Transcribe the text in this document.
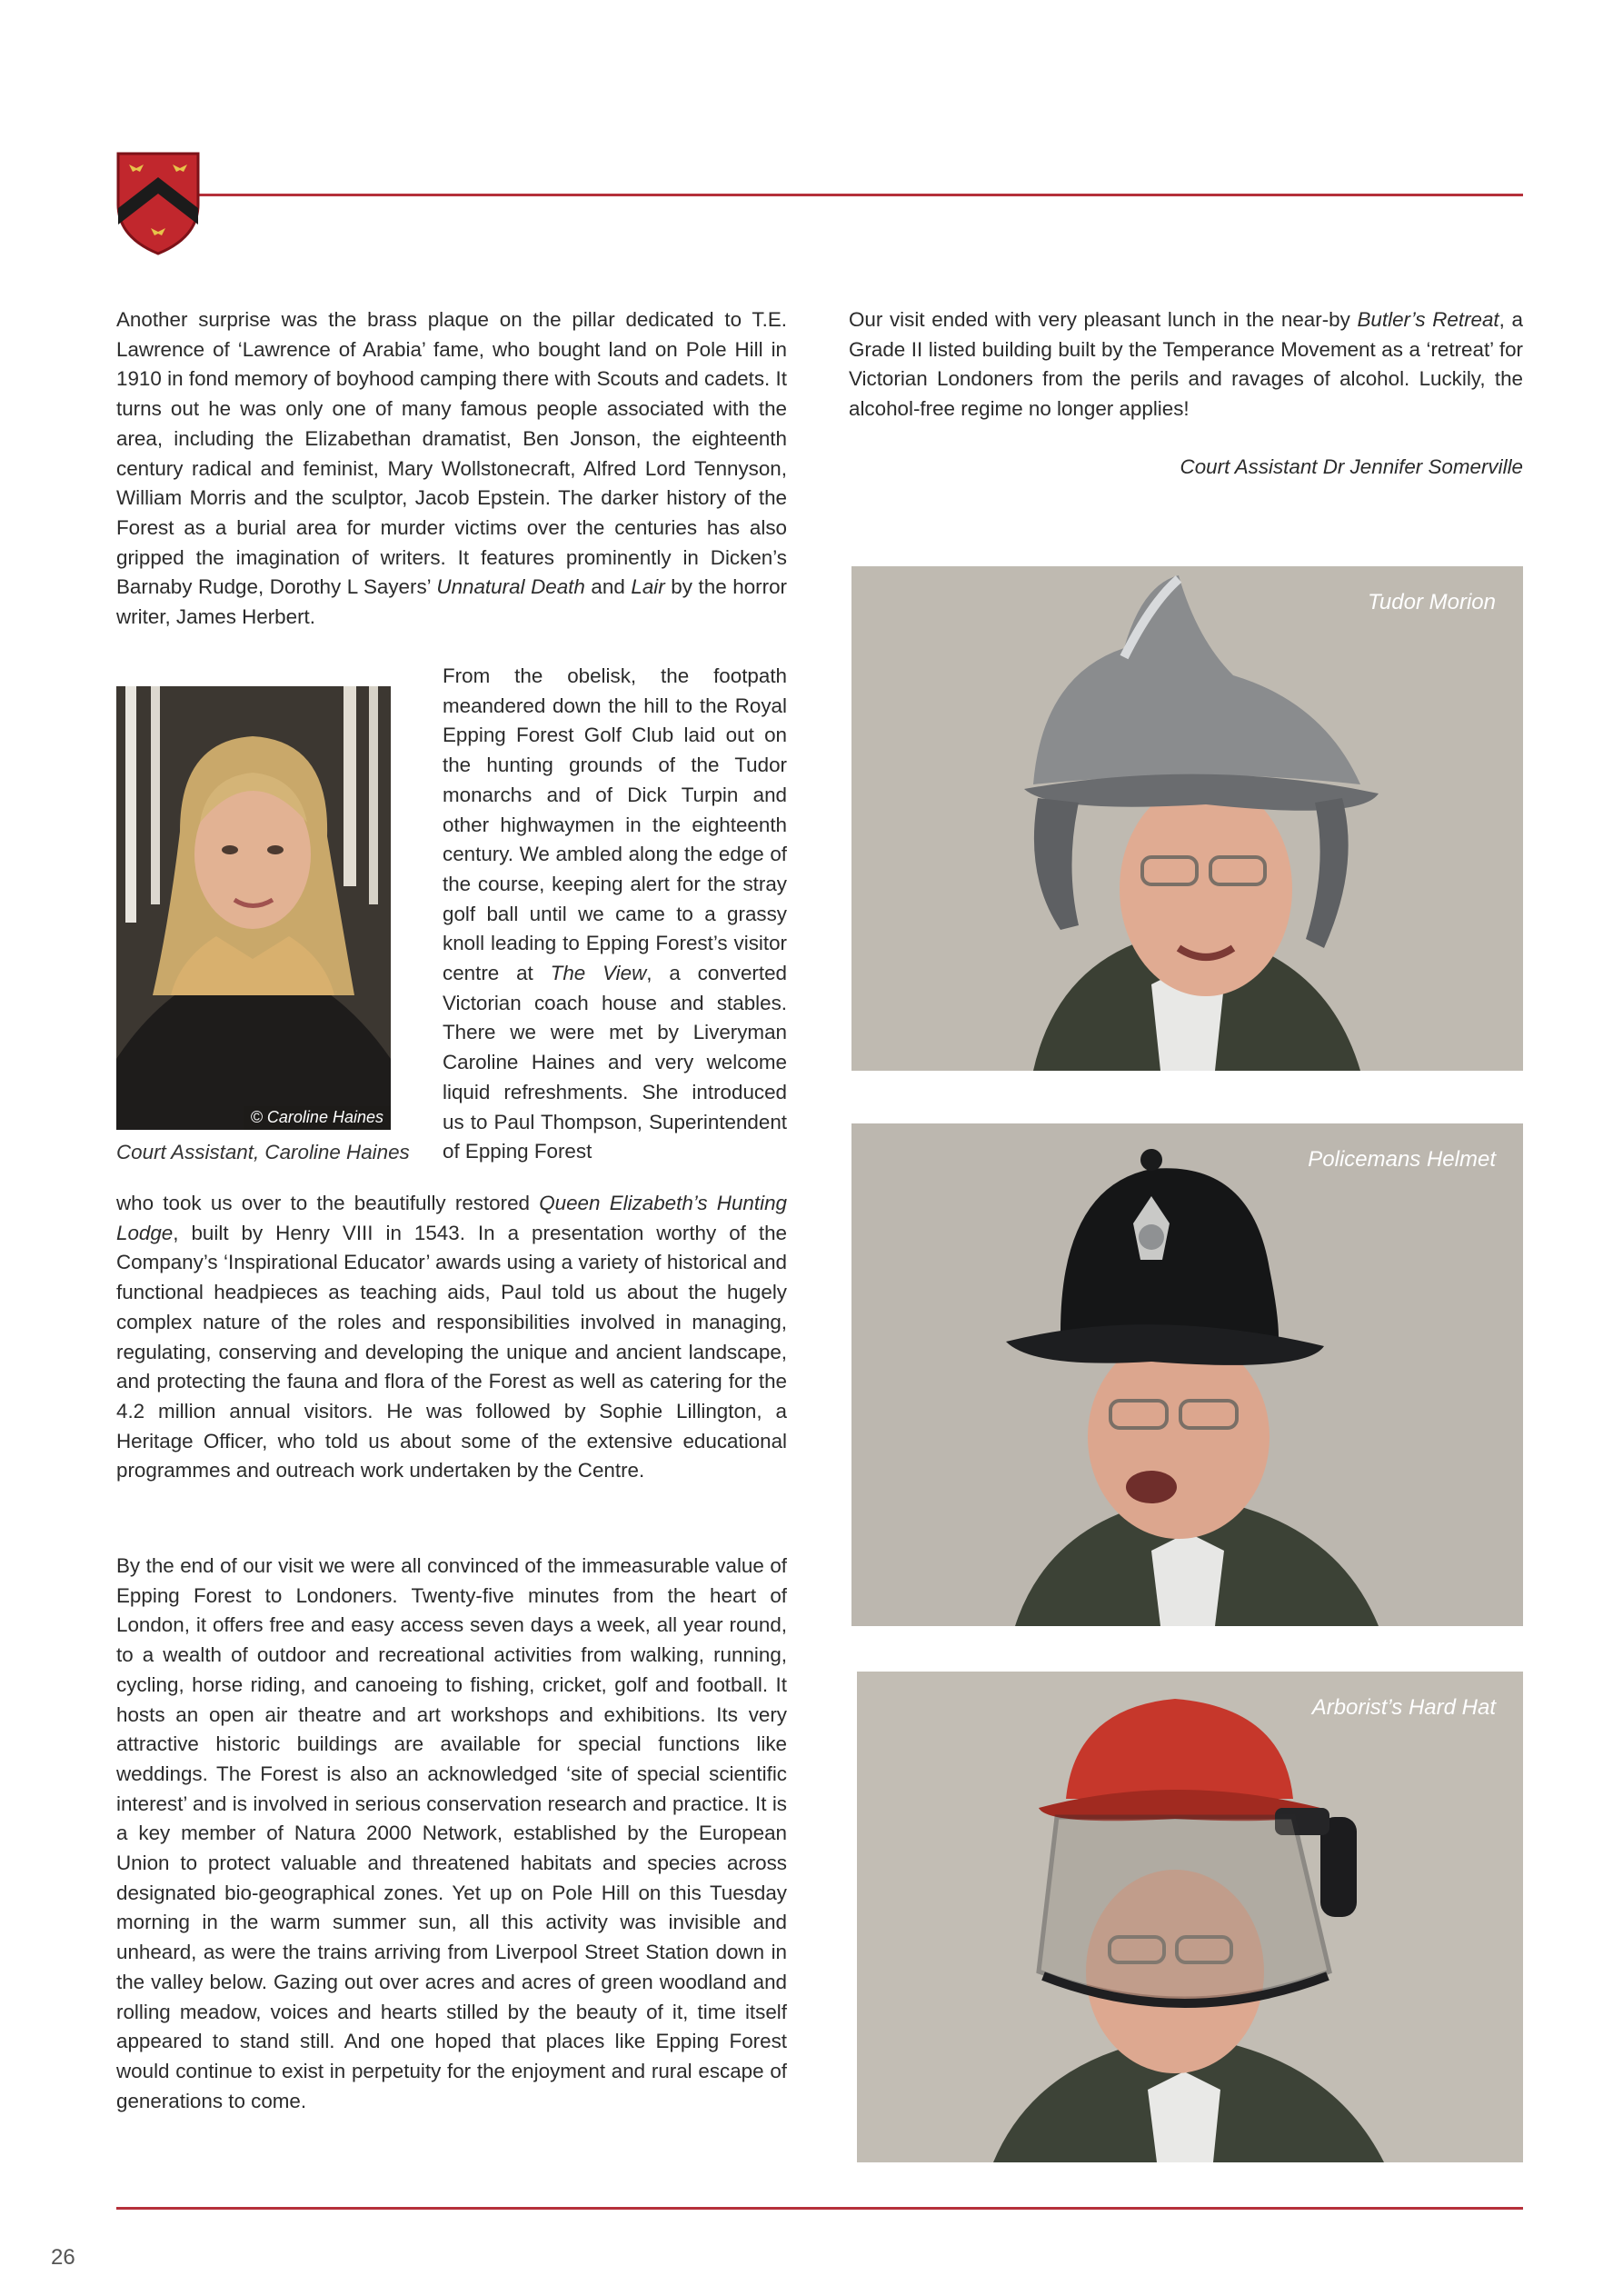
Another surprise was the brass plaque on the pillar dedicated to T.E. Lawrence of ‘Lawrence of Arabia’ fame, who bought land on Pole Hill in 1910 in fond memory of boyhood camping there with Scouts and cadets. It turns out he was only one of many famous people associated with the area, including the Elizabethan dramatist, Ben Jonson, the eighteenth century radical and feminist, Mary Wollstonecraft, Alfred Lord Tennyson, William Morris and the sculptor, Jacob Epstein. The darker history of the Forest as a burial area for murder victims over the centuries has also gripped the imagination of writers. It features prominently in Dicken’s Barnaby Rudge, Dorothy L Sayers’ Unnatural Death and Lair by the horror writer, James Herbert.

© Caroline Haines
Court Assistant, Caroline Haines

From the obelisk, the footpath meandered down the hill to the Royal Epping Forest Golf Club laid out on the hunting grounds of the Tudor monarchs and of Dick Turpin and other highwaymen in the eighteenth century. We ambled along the edge of the course, keeping alert for the stray golf ball until we came to a grassy knoll leading to Epping Forest’s visitor centre at The View, a converted Victorian coach house and stables. There we were met by Liveryman Caroline Haines and very welcome liquid refreshments. She introduced us to Paul Thompson, Superintendent of Epping Forest

who took us over to the beautifully restored Queen Elizabeth’s Hunting Lodge, built by Henry VIII in 1543. In a presentation worthy of the Company’s ‘Inspirational Educator’ awards using a variety of historical and functional headpieces as teaching aids, Paul told us about the hugely complex nature of the roles and responsibilities involved in managing, regulating, conserving and developing the unique and ancient landscape, and protecting the fauna and flora of the Forest as well as catering for the 4.2 million annual visitors. He was followed by Sophie Lillington, a Heritage Officer, who told us about some of the extensive educational programmes and outreach work undertaken by the Centre.

By the end of our visit we were all convinced of the immeasurable value of Epping Forest to Londoners. Twenty-five minutes from the heart of London, it offers free and easy access seven days a week, all year round, to a wealth of outdoor and recreational activities from walking, running, cycling, horse riding, and canoeing to fishing, cricket, golf and football. It hosts an open air theatre and art workshops and exhibitions. Its very attractive historic buildings are available for special functions like weddings. The Forest is also an acknowledged ‘site of special scientific interest’ and is involved in serious conservation research and practice. It is a key member of Natura 2000 Network, established by the European Union to protect valuable and threatened habitats and species across designated bio-geographical zones. Yet up on Pole Hill on this Tuesday morning in the warm summer sun, all this activity was invisible and unheard, as were the trains arriving from Liverpool Street Station down in the valley below. Gazing out over acres and acres of green woodland and rolling meadow, voices and hearts stilled by the beauty of it, time itself appeared to stand still. And one hoped that places like Epping Forest would continue to exist in perpetuity for the enjoyment and rural escape of generations to come.

Our visit ended with very pleasant lunch in the near-by Butler’s Retreat, a Grade II listed building built by the Temperance Movement as a ‘retreat’ for Victorian Londoners from the perils and ravages of alcohol. Luckily, the alcohol-free regime no longer applies!

Court Assistant Dr Jennifer Somerville
Tudor Morion
Policemans Helmet
Arborist’s Hard Hat
26
